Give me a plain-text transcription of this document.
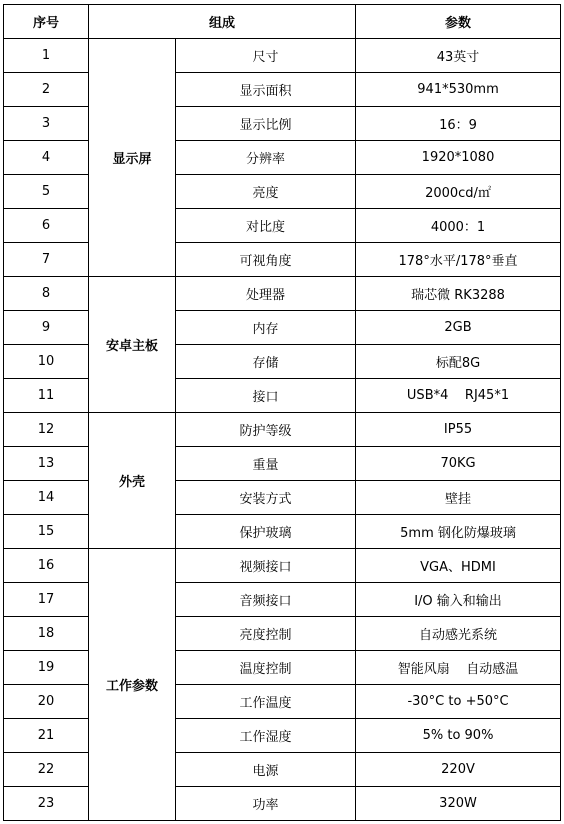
序号	组成		参数
1	显示屏	尺寸	43英寸
2		显示面积	941*530mm
3		显示比例	16：9
4		分辨率	1920*1080
5		亮度	2000cd/㎡
6		对比度	4000：1
7		可视角度	178°水平/178°垂直
8	安卓主板	处理器	瑞芯微 RK3288
9		内存	2GB
10		存储	标配8G
11		接口	USB*4    RJ45*1
12	外壳	防护等级	IP55
13		重量	70KG
14		安装方式	壁挂
15		保护玻璃	5mm 钢化防爆玻璃
16	工作参数	视频接口	VGA、HDMI
17		音频接口	I/O 输入和输出
18		亮度控制	自动感光系统
19		温度控制	智能风扇    自动感温
20		工作温度	-30°C to +50°C
21		工作湿度	5% to 90%
22		电源	220V
23		功率	320W
